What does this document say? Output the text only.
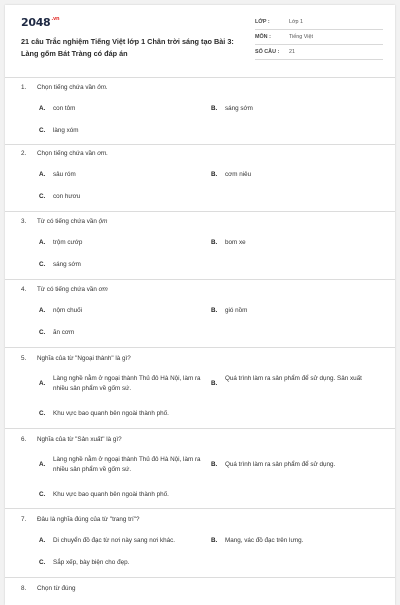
$2048^{.vn}$
21 câu Trắc nghiệm Tiếng Việt lớp 1 Chân trời sáng tạo Bài 3: Làng gốm Bát Tràng có đáp án
LỚP :	Lớp 1
MÔN :	Tiếng Việt
SỐ CÂU : 21
1. Chọn tiếng chứa vần ôm.
A. con tôm	B. sáng sớm
C. làng xóm
2. Chọn tiếng chứa vần ơm.
A. sâu róm	B. cơm niêu
C. con hươu
3. Từ có tiếng chứa vần ộm
A. trộm cướp	B. bom xe
C. sáng sớm
4. Từ có tiếng chứa vần ơm
A. nộm chuối	B. gió nồm
C. ăn cơm
5. Nghĩa của từ "Ngoại thành" là gì?
A.
Làng nghề nằm ở ngoại thành Thủ đô Hà Nội, làm ra nhiều sản phẩm về gốm sứ.
B.
Quá trình làm ra sản phẩm để sử dụng. Sản xuất
C. Khu vực bao quanh bên ngoài thành phố.
6. Nghĩa của từ "Sản xuất" là gì?
A.
Làng nghề nằm ở ngoại thành Thủ đô Hà Nội, làm ra nhiều sản phẩm về gốm sứ.
B. Quá trình làm ra sản phẩm để sử dụng.
C. Khu vực bao quanh bên ngoài thành phố.
7. Đâu là nghĩa đúng của từ "trang trí"?
A. Di chuyển đồ đạc từ nơi này sang nơi khác.	B. Mang, vác đồ đạc trên lưng.
C. Sắp xếp, bày biện cho đẹp.
8. Chọn từ đúng
